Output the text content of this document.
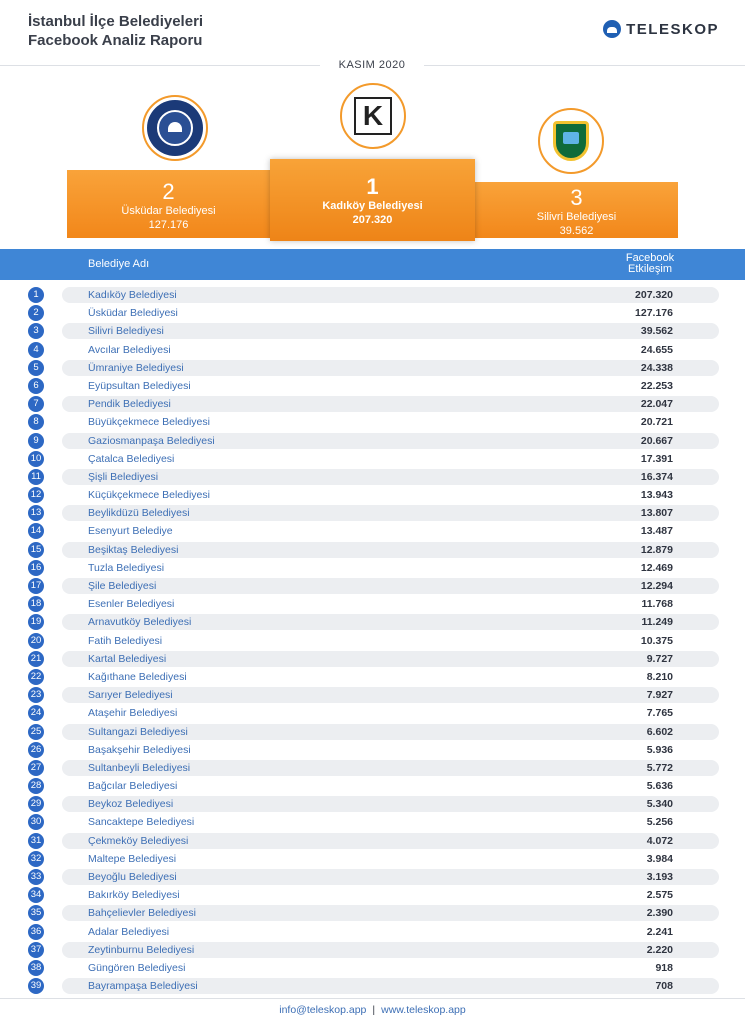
İstanbul İlçe Belediyeleri
Facebook Analiz Raporu
TELESKOP
KASIM 2020
K
2
Üsküdar Belediyesi
127.176
1
Kadıköy Belediyesi
207.320
3
Silivri Belediyesi
39.562
Belediye Adı	Facebook
Etkileşim
1	Kadıköy Belediyesi	207.320
2	Üsküdar Belediyesi	127.176
3	Silivri Belediyesi	39.562
4	Avcılar Belediyesi	24.655
5	Ümraniye Belediyesi	24.338
6	Eyüpsultan Belediyesi	22.253
7	Pendik Belediyesi	22.047
8	Büyükçekmece Belediyesi	20.721
9	Gaziosmanpaşa Belediyesi	20.667
10	Çatalca Belediyesi	17.391
11	Şişli Belediyesi	16.374
12	Küçükçekmece Belediyesi	13.943
13	Beylikdüzü Belediyesi	13.807
14	Esenyurt Belediye	13.487
15	Beşiktaş Belediyesi	12.879
16	Tuzla Belediyesi	12.469
17	Şile Belediyesi	12.294
18	Esenler Belediyesi	11.768
19	Arnavutköy Belediyesi	11.249
20	Fatih Belediyesi	10.375
21	Kartal Belediyesi	9.727
22	Kağıthane Belediyesi	8.210
23	Sarıyer Belediyesi	7.927
24	Ataşehir Belediyesi	7.765
25	Sultangazi Belediyesi	6.602
26	Başakşehir Belediyesi	5.936
27	Sultanbeyli Belediyesi	5.772
28	Bağcılar Belediyesi	5.636
29	Beykoz Belediyesi	5.340
30	Sancaktepe Belediyesi	5.256
31	Çekmeköy Belediyesi	4.072
32	Maltepe Belediyesi	3.984
33	Beyoğlu Belediyesi	3.193
34	Bakırköy Belediyesi	2.575
35	Bahçelievler Belediyesi	2.390
36	Adalar Belediyesi	2.241
37	Zeytinburnu Belediyesi	2.220
38	Güngören Belediyesi	918
39	Bayrampaşa Belediyesi	708
info@teleskop.app | www.teleskop.app
